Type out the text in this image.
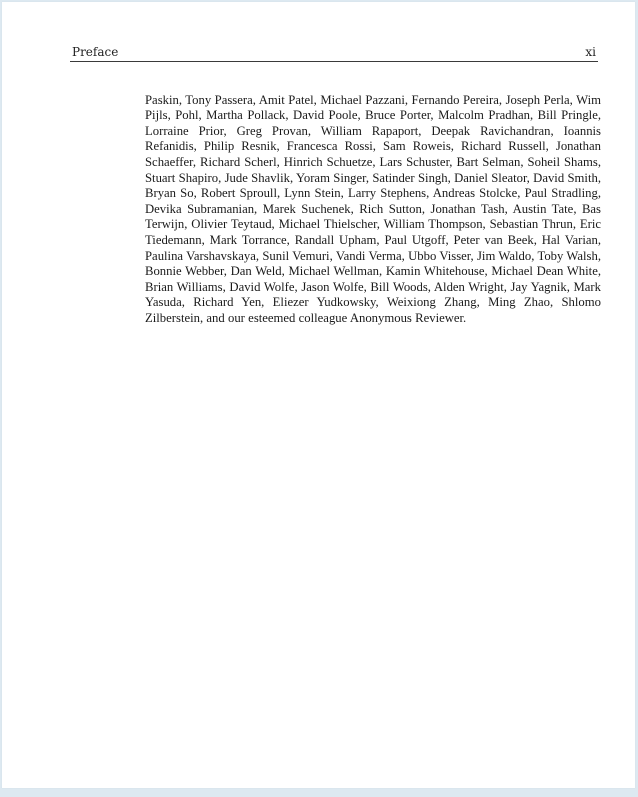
Preface	xi

Paskin, Tony Passera, Amit Patel, Michael Pazzani, Fernando Pereira, Joseph Perla, Wim Pijls, Pohl, Martha Pollack, David Poole, Bruce Porter, Malcolm Pradhan, Bill Pringle, Lorraine Prior, Greg Provan, William Rapaport, Deepak Ravichandran, Ioannis Refanidis, Philip Resnik, Francesca Rossi, Sam Roweis, Richard Russell, Jonathan Schaeffer, Richard Scherl, Hinrich Schuetze, Lars Schuster, Bart Selman, Soheil Shams, Stuart Shapiro, Jude Shavlik, Yoram Singer, Satinder Singh, Daniel Sleator, David Smith, Bryan So, Robert Sproull, Lynn Stein, Larry Stephens, Andreas Stolcke, Paul Stradling, Devika Subramanian, Marek Suchenek, Rich Sutton, Jonathan Tash, Austin Tate, Bas Terwijn, Olivier Teytaud, Michael Thielscher, William Thompson, Sebastian Thrun, Eric Tiedemann, Mark Torrance, Randall Upham, Paul Utgoff, Peter van Beek, Hal Varian, Paulina Varshavskaya, Sunil Vemuri, Vandi Verma, Ubbo Visser, Jim Waldo, Toby Walsh, Bonnie Webber, Dan Weld, Michael Wellman, Kamin Whitehouse, Michael Dean White, Brian Williams, David Wolfe, Jason Wolfe, Bill Woods, Alden Wright, Jay Yagnik, Mark Yasuda, Richard Yen, Eliezer Yudkowsky, Weixiong Zhang, Ming Zhao, Shlomo Zilberstein, and our esteemed colleague Anonymous Reviewer.
